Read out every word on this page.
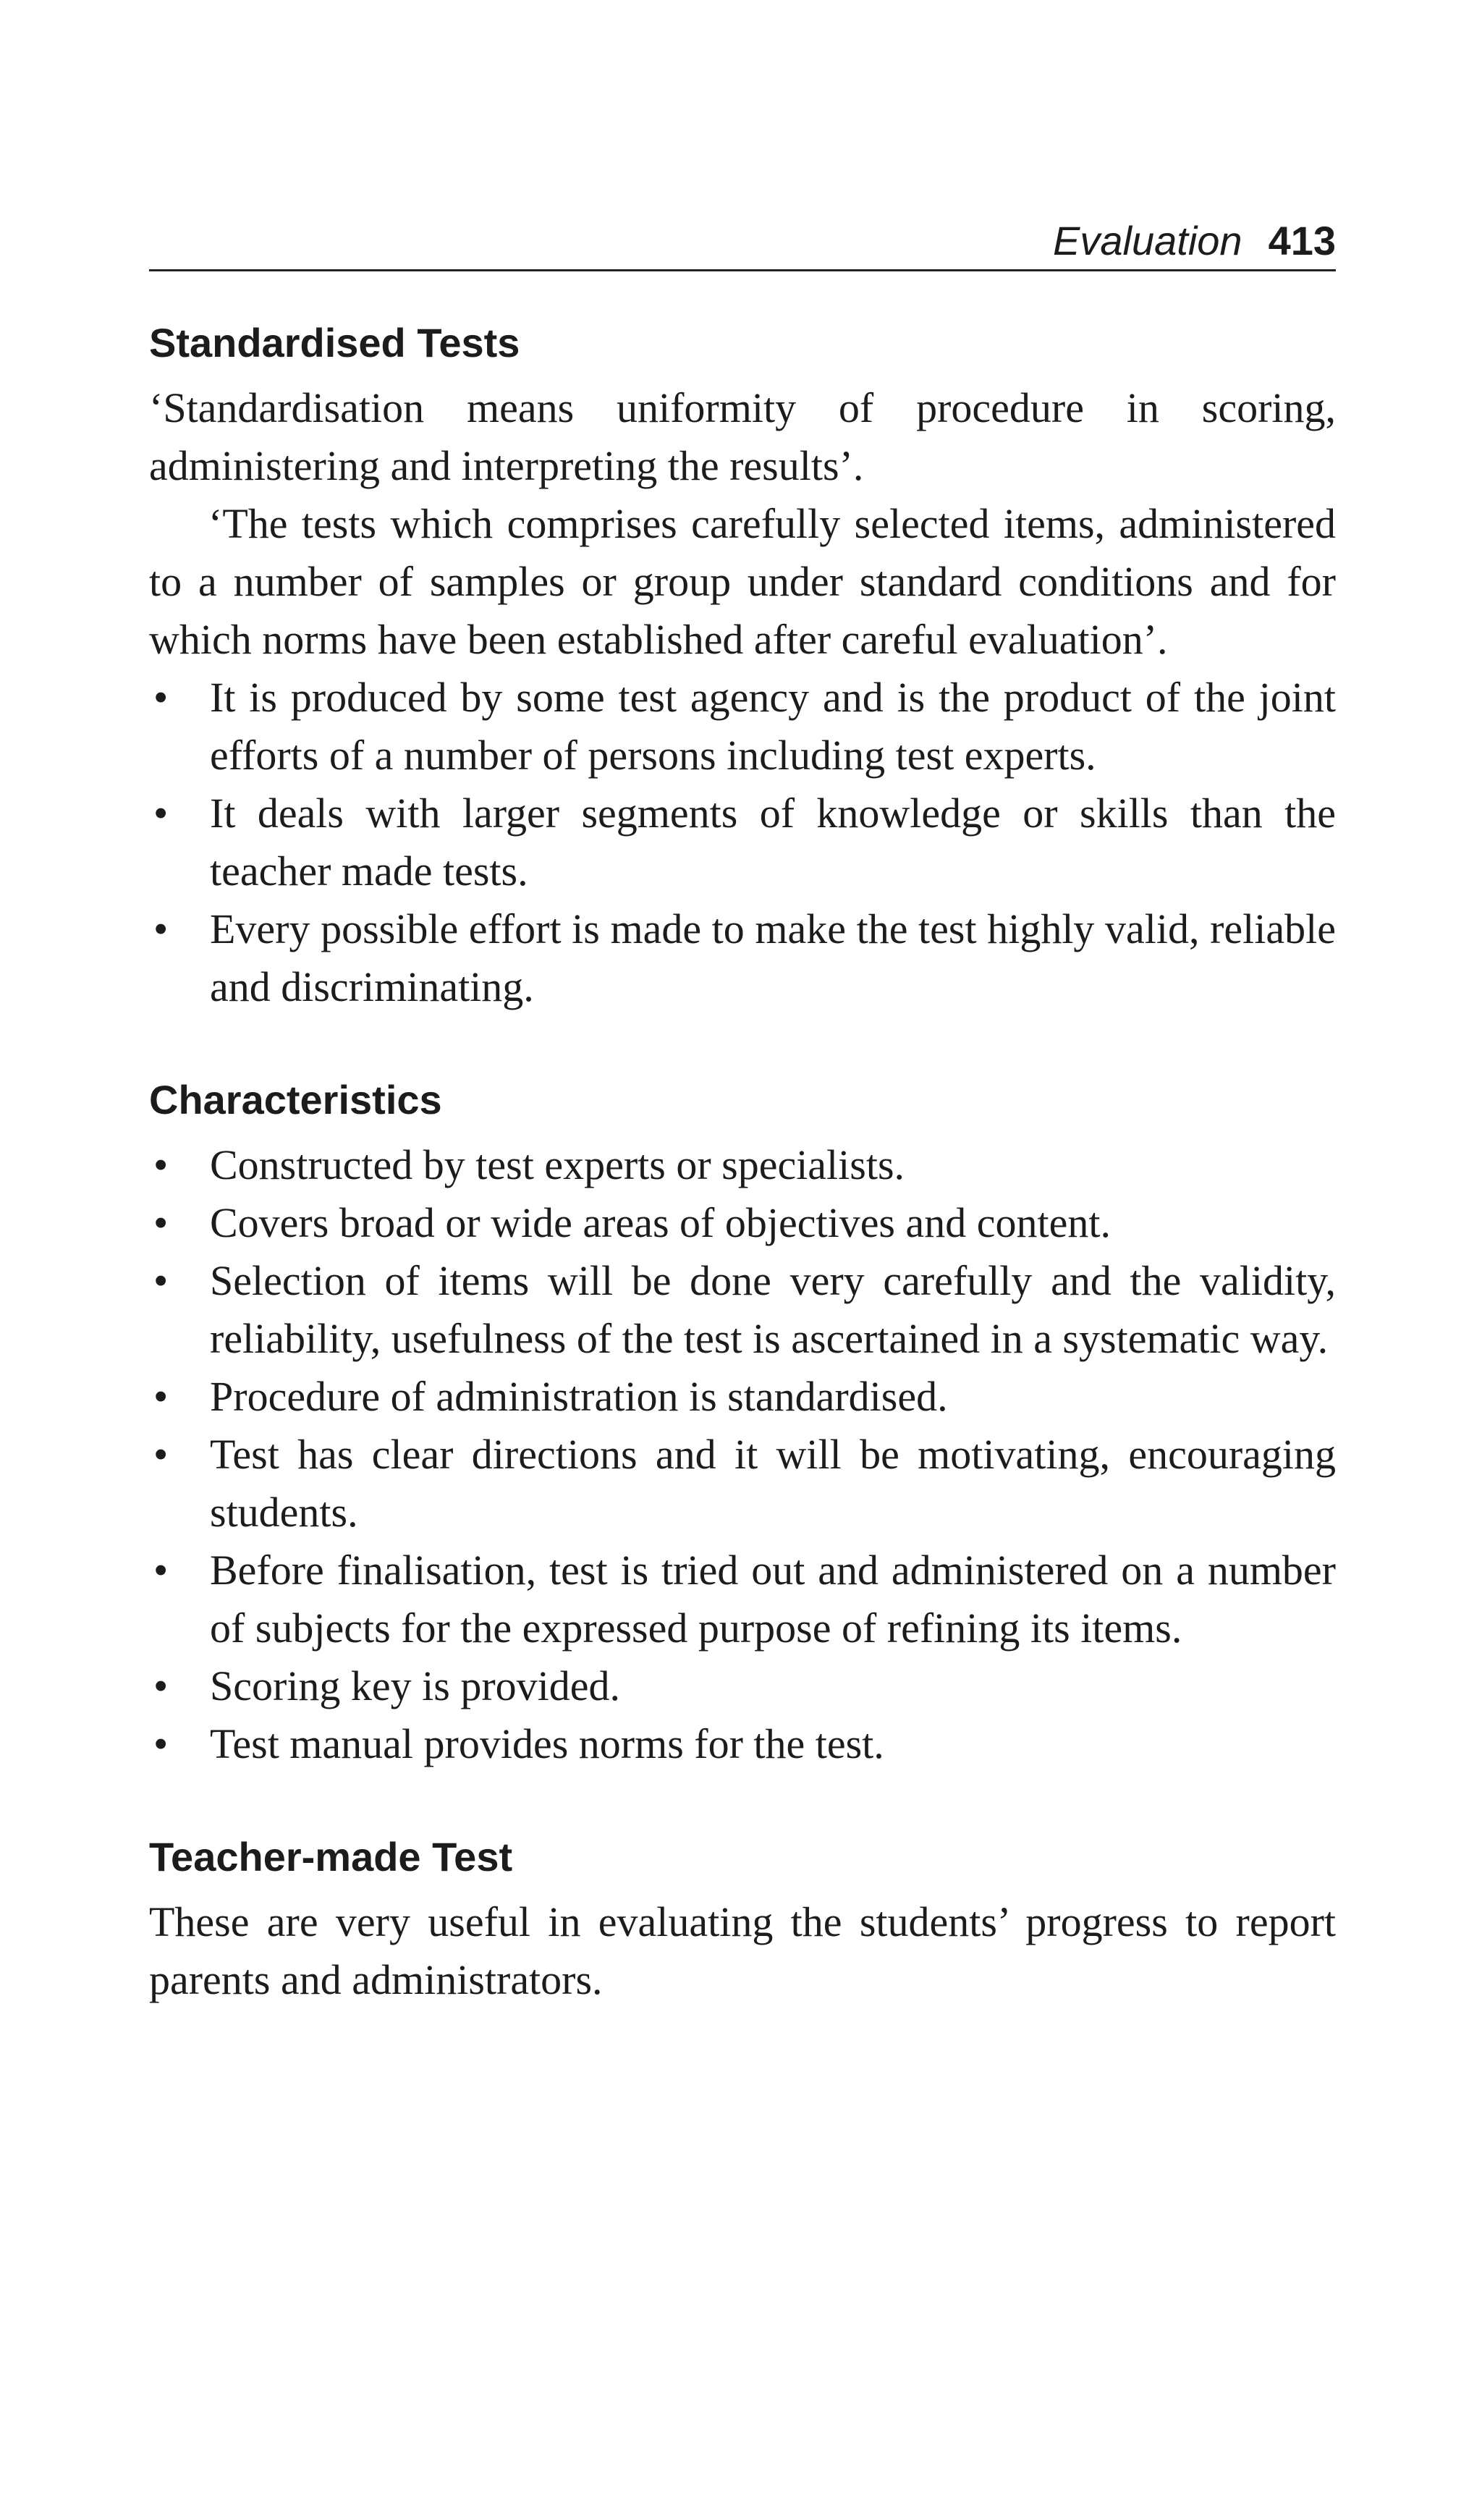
Evaluation 413
Standardised Tests

‘Standardisation means uniformity of procedure in scoring, administering and interpreting the results’.

‘The tests which comprises carefully selected items, administered to a number of samples or group under standard conditions and for which norms have been established after careful evaluation’.

• It is produced by some test agency and is the product of the joint efforts of a number of persons including test experts.
• It deals with larger segments of knowledge or skills than the teacher made tests.
• Every possible effort is made to make the test highly valid, reliable and discriminating.
Characteristics
• Constructed by test experts or specialists.
• Covers broad or wide areas of objectives and content.
• Selection of items will be done very carefully and the validity, reliability, usefulness of the test is ascertained in a systematic way.
• Procedure of administration is standardised.
• Test has clear directions and it will be motivating, encouraging students.
• Before finalisation, test is tried out and administered on a number of subjects for the expressed purpose of refining its items.
• Scoring key is provided.
• Test manual provides norms for the test.
Teacher-made Test

These are very useful in evaluating the students’ progress to report parents and administrators.
